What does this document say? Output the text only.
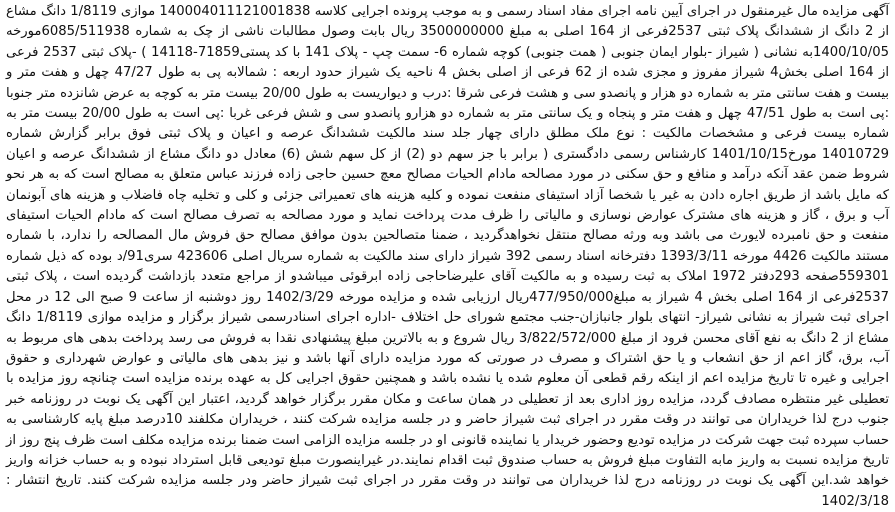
آگهی مزایده مال غیرمنقول در اجرای آیین نامه اجرای مفاد اسناد رسمی و به موجب پرونده اجرایی کلاسه 140004011121001838 موازی 1/8119 دانگ مشاع از 2 دانگ از ششدانگ پلاک ثبتی 2537فرعی از 164 اصلی به مبلغ 3500000000 ریال بابت وصول مطالبات ناشی از چک به شماره 6085/511938مورخه 1400/10/05به نشانی ( شیراز -بلوار ایمان جنوبی ( همت جنوبی) کوچه شماره 6- سمت چپ - پلاک 141 با کد پستی71859-14118 ) -پلاک ثبتی 2537 فرعی از 164 اصلی بخش4 شیراز مفروز و مجزی شده از 62 فرعی از اصلی بخش 4 ناحیه یک شیراز حدود اربعه : شمالابه پی به طول 47/27 چهل و هفت متر و بیست و هفت سانتی متر به شماره دو هزار و پانصدو سی و هشت فرعی شرقا :درب و دیواریست به طول 20/00 بیست متر به کوچه به عرض شانزده متر جنوبا :پی است به طول 47/51 چهل و هفت متر و پنجاه و یک سانتی متر به شماره دو هزارو پانصدو سی و شش فرعی غربا :پی است به طول 20/00 بیست متر به شماره بیست فرعی و مشخصات مالکیت : نوع ملک مطلق دارای چهار جلد سند مالکیت ششدانگ عرصه و اعیان و پلاک ثبتی فوق برابر گزارش شماره 14010729 مورخ1401/10/15 کارشناس رسمی دادگستری ( برابر با جز سهم دو (2) از کل سهم شش (6) معادل دو دانگ مشاع از ششدانگ عرصه و اعیان شروط ضمن عقد آنکه درآمد و منافع و حق سکنی در مورد مصالحه مادام الحیات مصالح معچ حسین حاجی زاده فرزند عباس متعلق به مصالح است که به هر نحو که مایل باشد از طریق اجاره دادن به غیر یا شخصا آزاد استیفای منفعت نموده و کلیه هزینه های تعمیراتی جزئی و کلی و تخلیه چاه فاضلاب و هزینه های آبونمان آب و برق ، گاز و هزینه های مشترک عوارض نوسازی و مالیاتی را ظرف مدت پرداخت نماید و مورد مصالحه به تصرف مصالح است که مادام الحیات استیفای منفعت و حق نامبرده لایورث می باشد وبه ورثه مصالح منتقل نخواهدگردید ، ضمنا متصالحین بدون موافق مصالح حق فروش مال المصالحه را ندارد، با شماره مستند مالکیت 4426 مورخه 1393/3/11 دفترخانه اسناد رسمی 392 شیراز دارای سند مالکیت به شماره سریال اصلی 423606 سری91/د بوده که ذیل شماره 559301صفحه 293دفتر 1972 املاک به ثبت رسیده و به مالکیت آقای علیرضاحاجی زاده ابرقوئی میباشدو از مراجع متعدد بازداشت گردیده است ، پلاک ثبتی 2537فرعی از 164 اصلی بخش 4 شیراز به مبلغ477/950/000ریال ارزیابی شده و مزایده مورخه 1402/3/29 روز دوشنبه از ساعت 9 صبح الی 12 در محل اجرای ثبت شیراز به نشانی شیراز- انتهای بلوار جانبازان-جنب مجتمع شورای حل اختلاف -اداره اجرای اسنادرسمی شیراز برگزار و مزایده موازی 1/8119 دانگ مشاع از 2 دانگ به نفع آقای محسن فرود از مبلغ 3/822/572/000 ریال شروع و به بالاترین مبلغ پیشنهادی نقدا به فروش می رسد پرداخت بدهی های مربوط به آب، برق، گاز اعم از حق انشعاب و یا حق اشتراک و مصرف در صورتی که مورد مزایده دارای آنها باشد و نیز بدهی های مالیاتی و عوارض شهرداری و حقوق اجرایی و غیره تا تاریخ مزایده اعم از اینکه رقم قطعی آن معلوم شده یا نشده باشد و همچنین حقوق اجرایی کل به عهده برنده مزایده است چنانچه روز مزایده با تعطیلی غیر منتظره مصادف گردد، مزایده روز اداری بعد از تعطیلی در همان ساعت و مکان مقرر برگزار خواهد گردید، اعتبار این آگهی یک نوبت در روزنامه خبر جنوب درج لذا خریداران می توانند در وقت مقرر در اجرای ثبت شیراز حاضر و در جلسه مزایده شرکت کنند ، خریداران مکلفند 10درصد مبلغ پایه کارشناسی به حساب سپرده ثبت جهت شرکت در مزایده تودیع وحضور خریدار یا نماینده قانونی او در جلسه مزایده الزامی است ضمنا برنده مزایده مکلف است ظرف پنج روز از تاریخ مزایده نسبت به واریز مابه التفاوت مبلغ فروش به حساب صندوق ثبت اقدام نمایند.در غیراینصورت مبلغ تودیعی قابل استرداد نبوده و به حساب خزانه واریز خواهد شد.این آگهی یک نوبت در روزنامه درج لذا خریداران می توانند در وقت مقرر در اجرای ثبت شیراز حاضر ودر جلسه مزایده شرکت کنند. تاریخ انتشار : 1402/3/18
